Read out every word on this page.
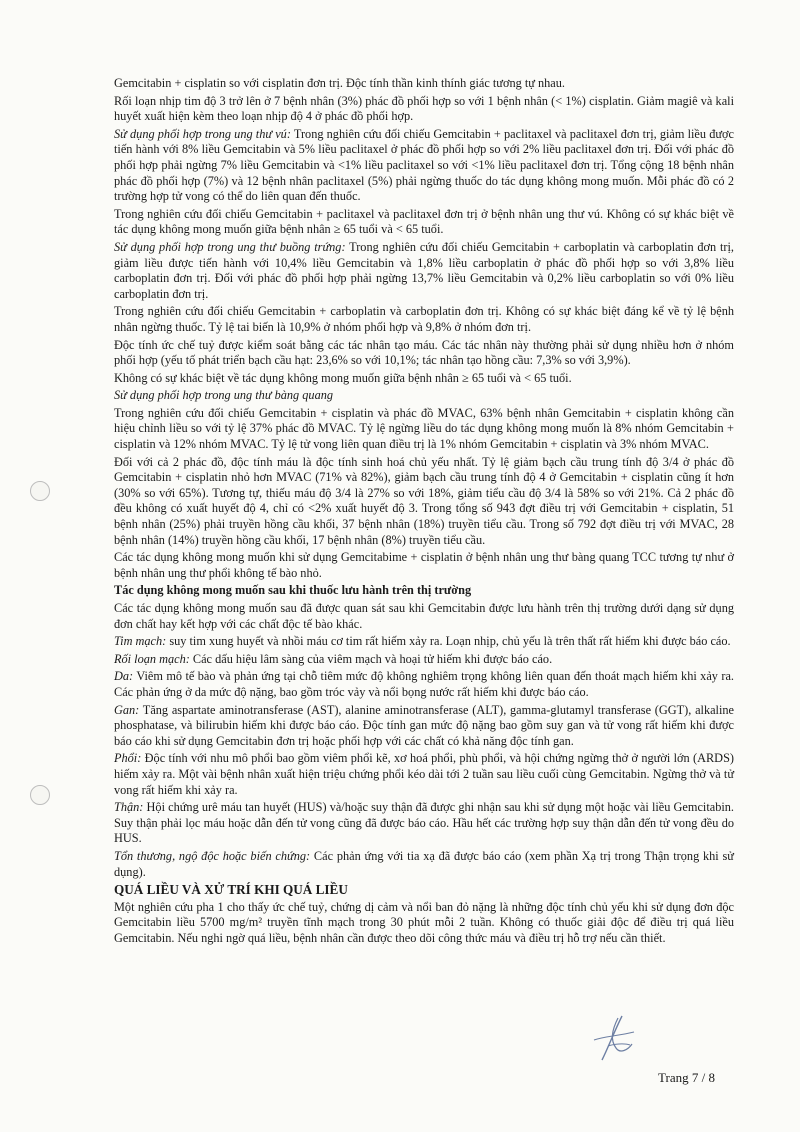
Gemcitabin + cisplatin so với cisplatin đơn trị. Độc tính thần kinh thính giác tương tự nhau.

Rối loạn nhịp tim độ 3 trở lên ở 7 bệnh nhân (3%) phác đồ phối hợp so với 1 bệnh nhân (< 1%) cisplatin. Giảm magiê và kali huyết xuất hiện kèm theo loạn nhịp độ 4 ở phác đồ phối hợp.

Sử dụng phối hợp trong ung thư vú: Trong nghiên cứu đối chiếu Gemcitabin + paclitaxel và paclitaxel đơn trị, giảm liều được tiến hành với 8% liều Gemcitabin và 5% liều paclitaxel ở phác đồ phối hợp so với 2% liều paclitaxel đơn trị. Đối với phác đồ phối hợp phải ngừng 7% liều Gemcitabin và <1% liều paclitaxel so với <1% liều paclitaxel đơn trị. Tổng cộng 18 bệnh nhân phác đồ phối hợp (7%) và 12 bệnh nhân paclitaxel (5%) phải ngừng thuốc do tác dụng không mong muốn. Mỗi phác đồ có 2 trường hợp tử vong có thể do liên quan đến thuốc.

Trong nghiên cứu đối chiếu Gemcitabin + paclitaxel và paclitaxel đơn trị ở bệnh nhân ung thư vú. Không có sự khác biệt về tác dụng không mong muốn giữa bệnh nhân ≥ 65 tuổi và < 65 tuổi.

Sử dụng phối hợp trong ung thư buồng trứng: Trong nghiên cứu đối chiếu Gemcitabin + carboplatin và carboplatin đơn trị, giảm liều được tiến hành với 10,4% liều Gemcitabin và 1,8% liều carboplatin ở phác đồ phối hợp so với 3,8% liều carboplatin đơn trị. Đối với phác đồ phối hợp phải ngừng 13,7% liều Gemcitabin và 0,2% liều carboplatin so với 0% liều carboplatin đơn trị.

Trong nghiên cứu đối chiếu Gemcitabin + carboplatin và carboplatin đơn trị. Không có sự khác biệt đáng kể về tỷ lệ bệnh nhân ngừng thuốc. Tỷ lệ tai biến là 10,9% ở nhóm phối hợp và 9,8% ở nhóm đơn trị.

Độc tính ức chế tuỷ được kiểm soát bằng các tác nhân tạo máu. Các tác nhân này thường phải sử dụng nhiều hơn ở nhóm phối hợp (yếu tố phát triển bạch cầu hạt: 23,6% so với 10,1%; tác nhân tạo hồng cầu: 7,3% so với 3,9%).

Không có sự khác biệt về tác dụng không mong muốn giữa bệnh nhân ≥ 65 tuổi và < 65 tuổi.

Sử dụng phối hợp trong ung thư bàng quang

Trong nghiên cứu đối chiếu Gemcitabin + cisplatin và phác đồ MVAC, 63% bệnh nhân Gemcitabin + cisplatin không cần hiệu chỉnh liều so với tỷ lệ 37% phác đồ MVAC. Tỷ lệ ngừng liều do tác dụng không mong muốn là 8% nhóm Gemcitabin + cisplatin và 12% nhóm MVAC. Tỷ lệ tử vong liên quan điều trị là 1% nhóm Gemcitabin + cisplatin và 3% nhóm MVAC.

Đối với cả 2 phác đồ, độc tính máu là độc tính sinh hoá chủ yếu nhất. Tỷ lệ giảm bạch cầu trung tính độ 3/4 ở phác đồ Gemcitabin + cisplatin nhỏ hơn MVAC (71% và 82%), giảm bạch cầu trung tính độ 4 ở Gemcitabin + cisplatin cũng ít hơn (30% so với 65%). Tương tự, thiếu máu độ 3/4 là 27% so với 18%, giảm tiểu cầu độ 3/4 là 58% so với 21%. Cả 2 phác đồ đều không có xuất huyết độ 4, chỉ có <2% xuất huyết độ 3. Trong tổng số 943 đợt điều trị với Gemcitabin + cisplatin, 51 bệnh nhân (25%) phải truyền hồng cầu khối, 37 bệnh nhân (18%) truyền tiểu cầu. Trong số 792 đợt điều trị với MVAC, 28 bệnh nhân (14%) truyền hồng cầu khối, 17 bệnh nhân (8%) truyền tiểu cầu.

Các tác dụng không mong muốn khi sử dụng Gemcitabime + cisplatin ở bệnh nhân ung thư bàng quang TCC tương tự như ở bệnh nhân ung thư phổi không tế bào nhỏ.

Tác dụng không mong muốn sau khi thuốc lưu hành trên thị trường

Các tác dụng không mong muốn sau đã được quan sát sau khi Gemcitabin được lưu hành trên thị trường dưới dạng sử dụng đơn chất hay kết hợp với các chất độc tế bào khác.

Tim mạch: suy tim xung huyết và nhồi máu cơ tim rất hiếm xảy ra. Loạn nhịp, chủ yếu là trên thất rất hiếm khi được báo cáo.

Rối loạn mạch: Các dấu hiệu lâm sàng của viêm mạch và hoại tử hiếm khi được báo cáo.

Da: Viêm mô tế bào và phản ứng tại chỗ tiêm mức độ không nghiêm trọng không liên quan đến thoát mạch hiếm khi xảy ra. Các phản ứng ở da mức độ nặng, bao gồm tróc vảy và nổi bọng nước rất hiếm khi được báo cáo.

Gan: Tăng aspartate aminotransferase (AST), alanine aminotransferase (ALT), gamma-glutamyl transferase (GGT), alkaline phosphatase, và bilirubin hiếm khi được báo cáo. Độc tính gan mức độ nặng bao gồm suy gan và tử vong rất hiếm khi được báo cáo khi sử dụng Gemcitabin đơn trị hoặc phối hợp với các chất có khả năng độc tính gan.

Phổi: Độc tính với nhu mô phổi bao gồm viêm phổi kẽ, xơ hoá phổi, phù phổi, và hội chứng ngừng thở ở người lớn (ARDS) hiếm xảy ra. Một vài bệnh nhân xuất hiện triệu chứng phổi kéo dài tới 2 tuần sau liều cuối cùng Gemcitabin. Ngừng thở và tử vong rất hiếm khi xảy ra.

Thận: Hội chứng urê máu tan huyết (HUS) và/hoặc suy thận đã được ghi nhận sau khi sử dụng một hoặc vài liều Gemcitabin. Suy thận phải lọc máu hoặc dẫn đến tử vong cũng đã được báo cáo. Hầu hết các trường hợp suy thận dẫn đến tử vong đều do HUS.

Tổn thương, ngộ độc hoặc biến chứng: Các phản ứng với tia xạ đã được báo cáo (xem phần Xạ trị trong Thận trọng khi sử dụng).

QUÁ LIỀU VÀ XỬ TRÍ KHI QUÁ LIỀU

Một nghiên cứu pha 1 cho thấy ức chế tuỷ, chứng dị cảm và nổi ban đỏ nặng là những độc tính chủ yếu khi sử dụng đơn độc Gemcitabin liều 5700 mg/m² truyền tĩnh mạch trong 30 phút mỗi 2 tuần. Không có thuốc giải độc để điều trị quá liều Gemcitabin. Nếu nghi ngờ quá liều, bệnh nhân cần được theo dõi công thức máu và điều trị hỗ trợ nếu cần thiết.

Trang 7 / 8
